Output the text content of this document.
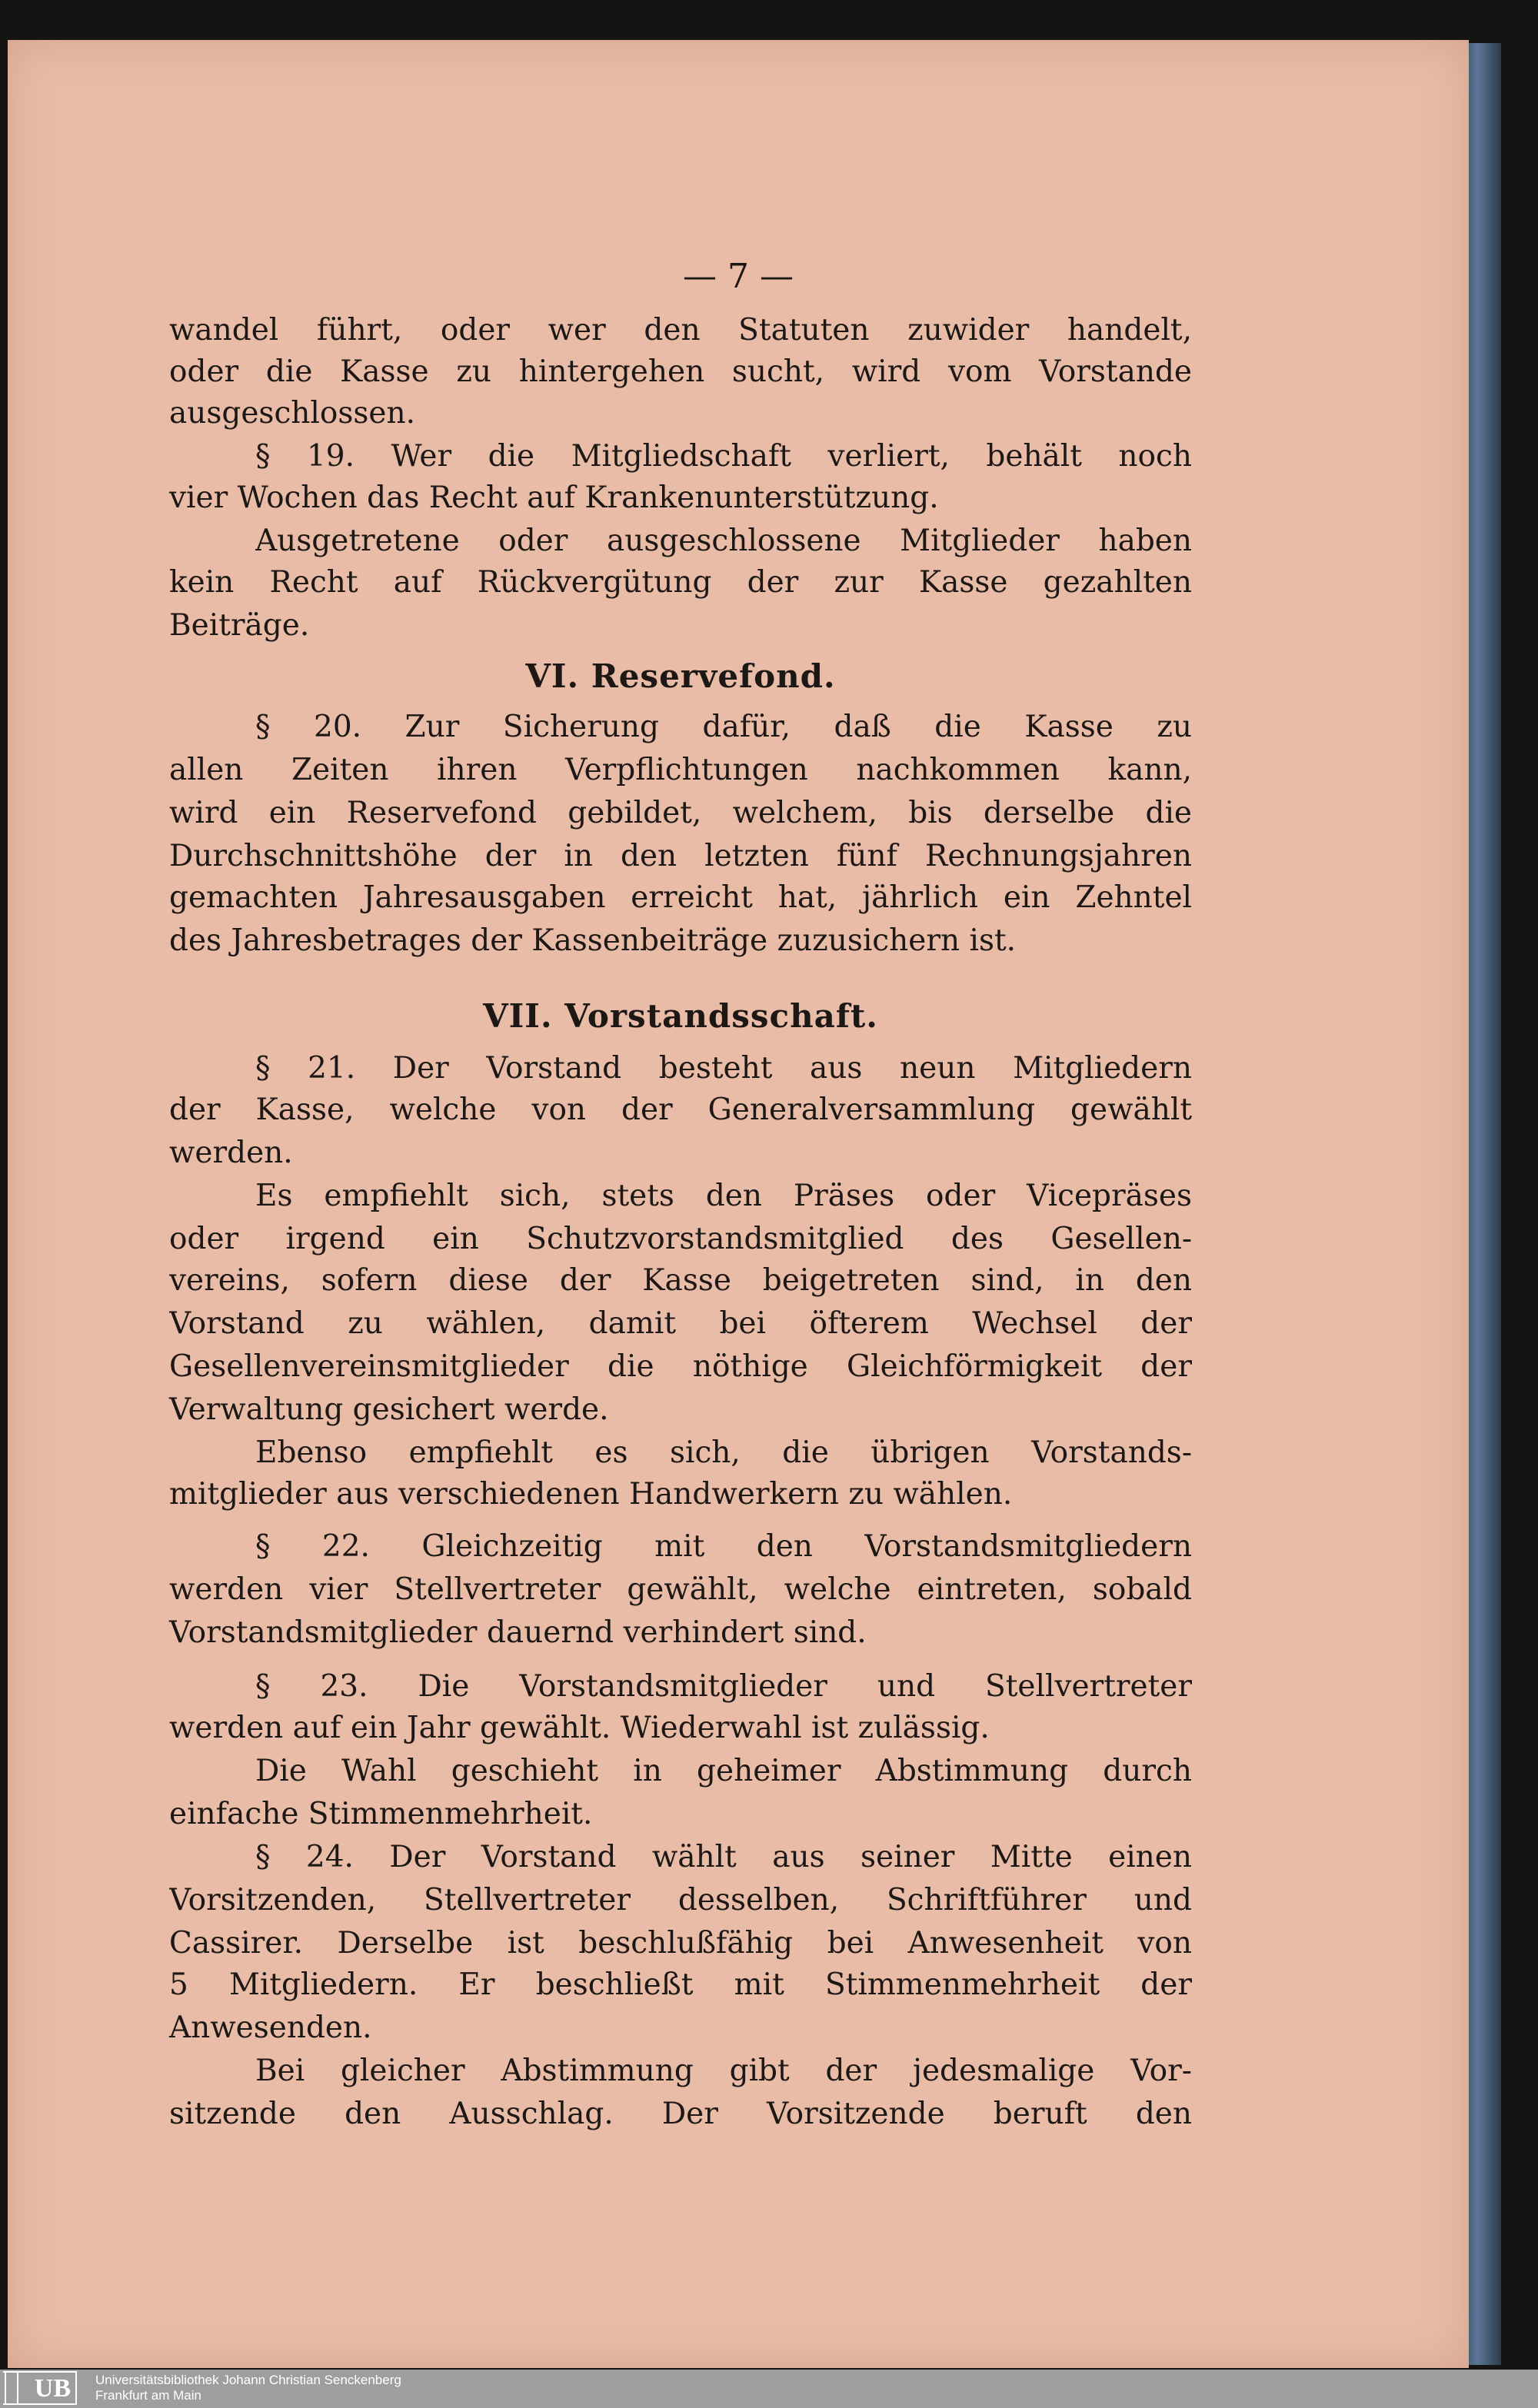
— 7 —
wandel führt, oder wer den Statuten zuwider handelt,
oder die Kasse zu hintergehen sucht, wird vom Vorstande
ausgeschlossen.
§ 19. Wer die Mitgliedschaft verliert, behält noch
vier Wochen das Recht auf Krankenunterstützung.
Ausgetretene oder ausgeschlossene Mitglieder haben
kein Recht auf Rückvergütung der zur Kasse gezahlten
Beiträge.
VI. Reservefond.
§ 20. Zur Sicherung dafür, daß die Kasse zu
allen Zeiten ihren Verpflichtungen nachkommen kann,
wird ein Reservefond gebildet, welchem, bis derselbe die
Durchschnittshöhe der in den letzten fünf Rechnungsjahren
gemachten Jahresausgaben erreicht hat, jährlich ein Zehntel
des Jahresbetrages der Kassenbeiträge zuzusichern ist.
VII. Vorstandsschaft.
§ 21. Der Vorstand besteht aus neun Mitgliedern
der Kasse, welche von der Generalversammlung gewählt
werden.
Es empfiehlt sich, stets den Präses oder Vicepräses
oder irgend ein Schutzvorstandsmitglied des Gesellen-
vereins, sofern diese der Kasse beigetreten sind, in den
Vorstand zu wählen, damit bei öfterem Wechsel der
Gesellenvereinsmitglieder die nöthige Gleichförmigkeit der
Verwaltung gesichert werde.
Ebenso empfiehlt es sich, die übrigen Vorstands-
mitglieder aus verschiedenen Handwerkern zu wählen.
§ 22. Gleichzeitig mit den Vorstandsmitgliedern
werden vier Stellvertreter gewählt, welche eintreten, sobald
Vorstandsmitglieder dauernd verhindert sind.
§ 23. Die Vorstandsmitglieder und Stellvertreter
werden auf ein Jahr gewählt. Wiederwahl ist zulässig.
Die Wahl geschieht in geheimer Abstimmung durch
einfache Stimmenmehrheit.
§ 24. Der Vorstand wählt aus seiner Mitte einen
Vorsitzenden, Stellvertreter desselben, Schriftführer und
Cassirer. Derselbe ist beschlußfähig bei Anwesenheit von
5 Mitgliedern. Er beschließt mit Stimmenmehrheit der
Anwesenden.
Bei gleicher Abstimmung gibt der jedesmalige Vor-
sitzende den Ausschlag. Der Vorsitzende beruft den
UB Universitätsbibliothek Johann Christian Senckenberg
Frankfurt am Main
